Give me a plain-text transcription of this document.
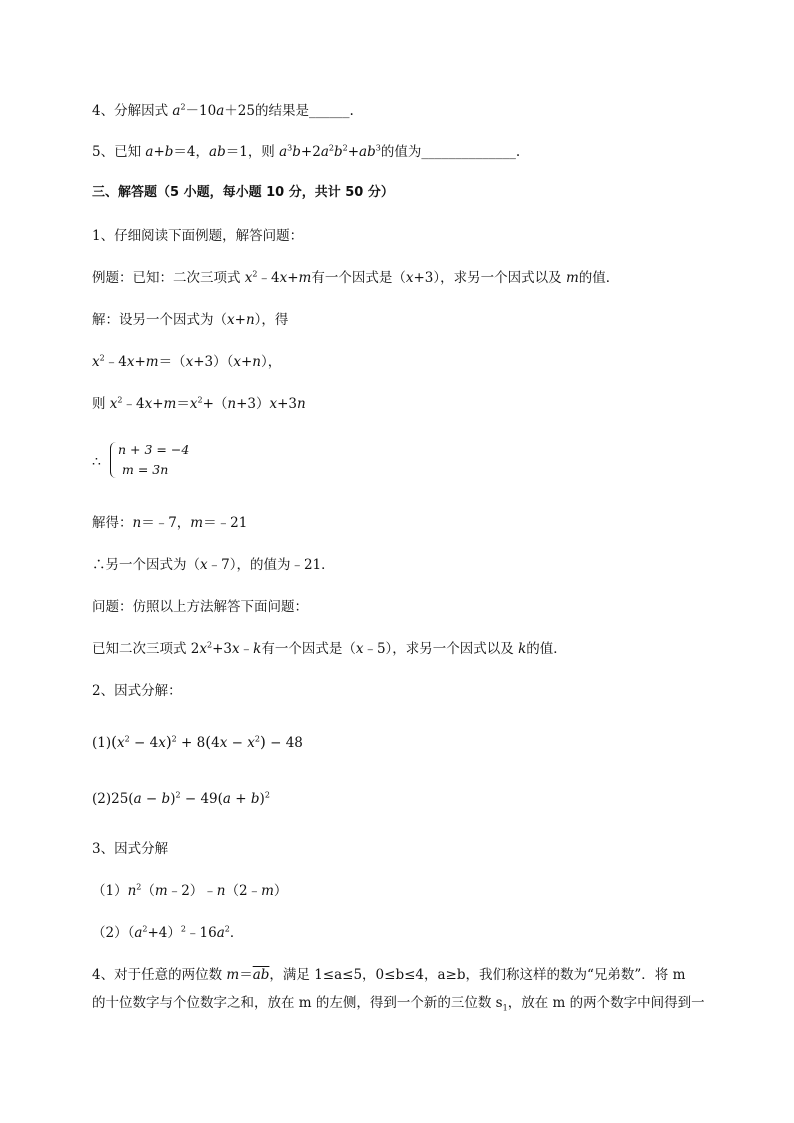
4、分解因式 $a^2-10a+25$的结果是______.
5、已知 a+b＝4，ab＝1，则 $a^3b+2a^2b^2+ab^3$的值为______________.
三、解答题（5 小题，每小题 10 分，共计 50 分）
1、仔细阅读下面例题，解答问题：
例题：已知：二次三项式 $x^2﹣4x+m$有一个因式是（x+3），求另一个因式以及 m的值．
解：设另一个因式为（x+n），得
$x^2﹣4x+m=(x+3)(x+n)$，
则 $x^2﹣4x+m=x^2+(n+3)x+3n$
∴
n + 3 = −4
m = 3n
解得：n＝﹣7，m＝﹣21
∴另一个因式为（x﹣7），的值为﹣21．
问题：仿照以上方法解答下面问题：
已知二次三项式 $2x^2+3x﹣k$有一个因式是（x﹣5），求另一个因式以及 k的值．
2、因式分解：
$(1)(x^2 - 4x)^2 + 8(4x - x^2) - 48$
$(2)25(a - b)^2 - 49(a + b)^2$
3、因式分解
$(1)n^2(m﹣2)﹣n(2﹣m)$
$(2)(a^2+4)^2﹣16a^2$．
4、对于任意的两位数 $m=\overline{ab}$，满足 1≤a≤5，0≤b≤4，a≥b，我们称这样的数为“兄弟数”．将 m
的十位数字与个位数字之和，放在 m 的左侧，得到一个新的三位数 $s_1$，放在 m 的两个数字中间得到一
